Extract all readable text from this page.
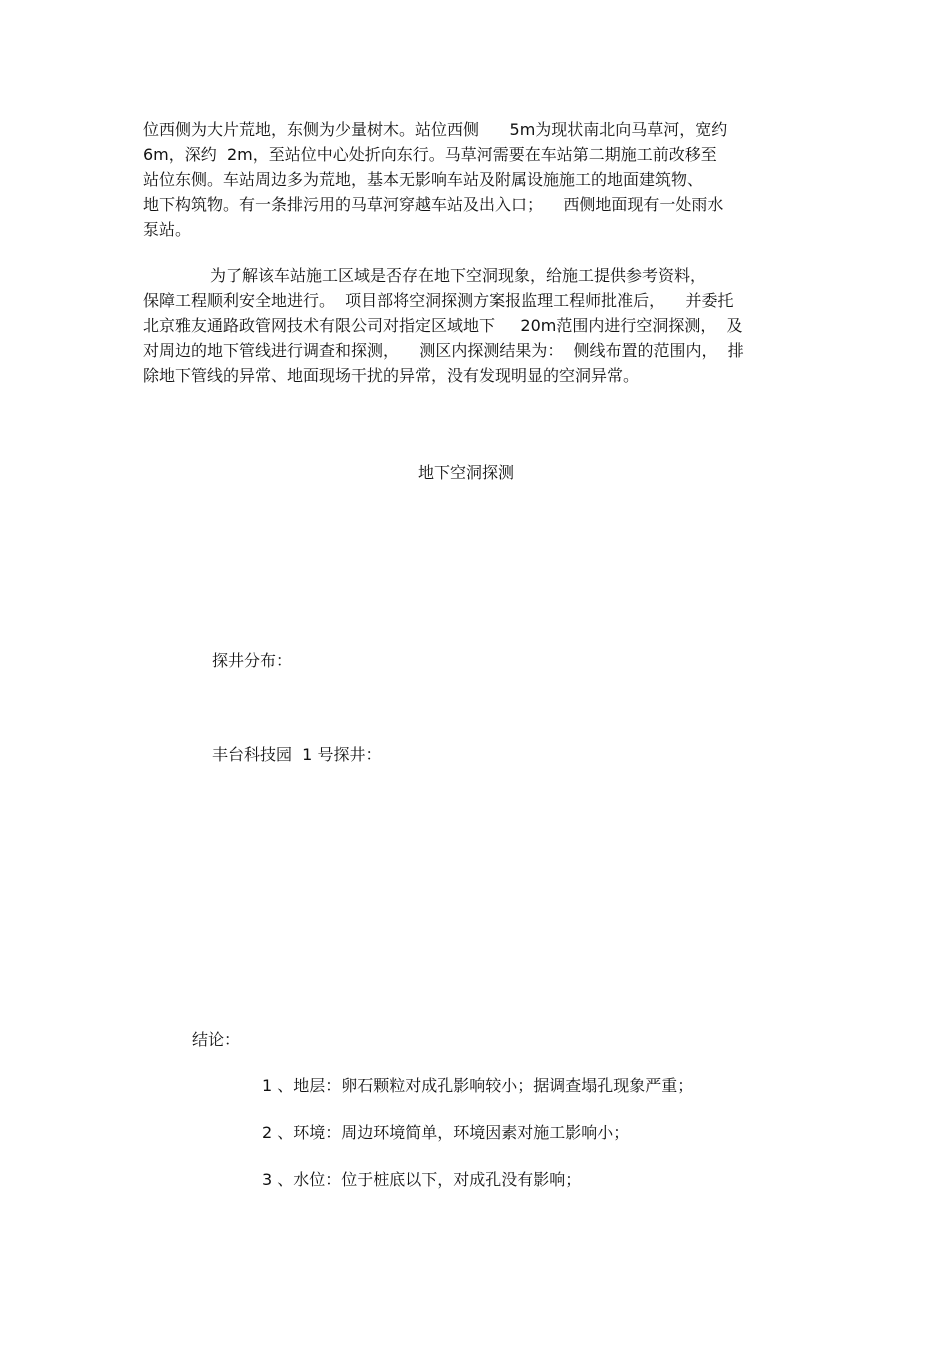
位西侧为大片荒地，东侧为少量树木。站位西侧      5m为现状南北向马草河，宽约

6m，深约  2m，至站位中心处折向东行。马草河需要在车站第二期施工前改移至

站位东侧。车站周边多为荒地，基本无影响车站及附属设施施工的地面建筑物、

地下构筑物。有一条排污用的马草河穿越车站及出入口；    西侧地面现有一处雨水

泵站。

为了解该车站施工区域是否存在地下空洞现象，给施工提供参考资料，

保障工程顺利安全地进行。  项目部将空洞探测方案报监理工程师批准后，    并委托

北京雅友通路政管网技术有限公司对指定区域地下     20m范围内进行空洞探测，  及

对周边的地下管线进行调查和探测，    测区内探测结果为：  侧线布置的范围内，  排

除地下管线的异常、地面现场干扰的异常，没有发现明显的空洞异常。

地下空洞探测

探井分布：

丰台科技园  1 号探井：

结论：

1 、地层：卵石颗粒对成孔影响较小；据调查塌孔现象严重；

2 、环境：周边环境简单，环境因素对施工影响小；

3 、水位：位于桩底以下，对成孔没有影响；
